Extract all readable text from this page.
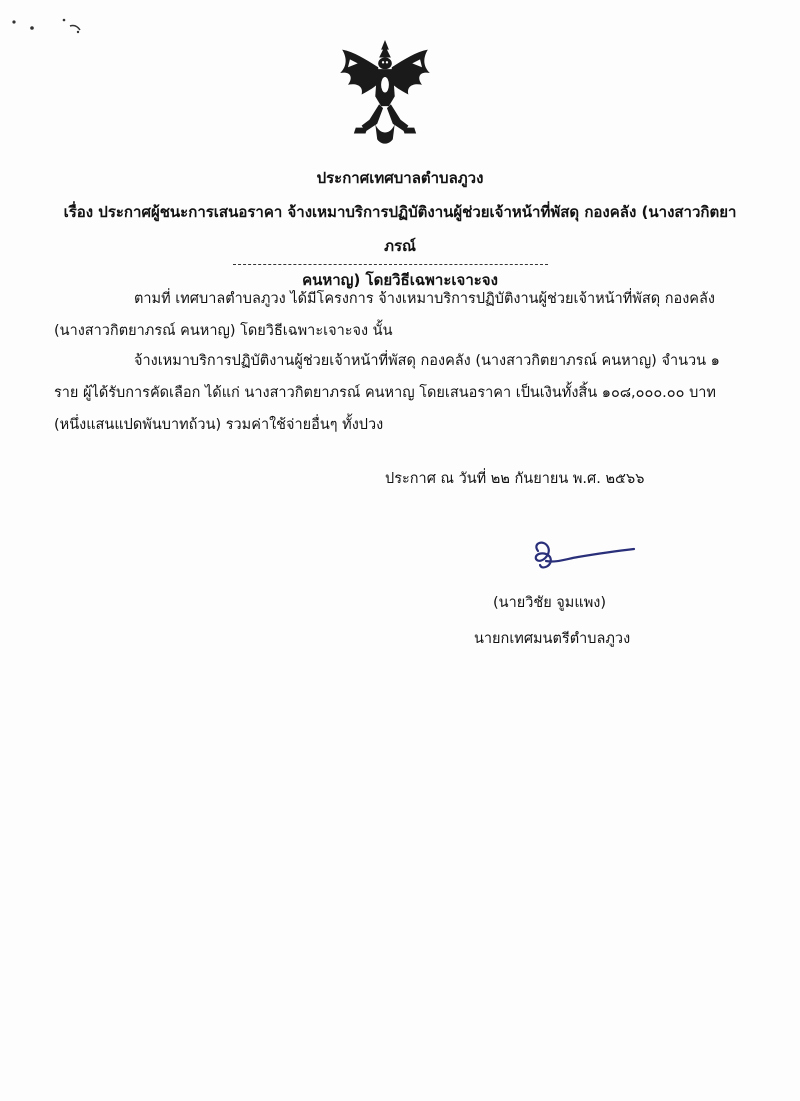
ประกาศเทศบาลตำบลภูวง
เรื่อง ประกาศผู้ชนะการเสนอราคา จ้างเหมาบริการปฏิบัติงานผู้ช่วยเจ้าหน้าที่พัสดุ กองคลัง (นางสาวกิตยาภรณ์
คนหาญ) โดยวิธีเฉพาะเจาะจง
ตามที่ เทศบาลตำบลภูวง ได้มีโครงการ จ้างเหมาบริการปฏิบัติงานผู้ช่วยเจ้าหน้าที่พัสดุ กองคลัง (นางสาวกิตยาภรณ์ คนหาญ) โดยวิธีเฉพาะเจาะจง นั้น
จ้างเหมาบริการปฏิบัติงานผู้ช่วยเจ้าหน้าที่พัสดุ กองคลัง (นางสาวกิตยาภรณ์ คนหาญ) จำนวน ๑ ราย ผู้ได้รับการคัดเลือก ได้แก่ นางสาวกิตยาภรณ์ คนหาญ โดยเสนอราคา เป็นเงินทั้งสิ้น ๑๐๘,๐๐๐.๐๐ บาท (หนึ่งแสนแปดพันบาทถ้วน) รวมค่าใช้จ่ายอื่นๆ ทั้งปวง
ประกาศ ณ วันที่ ๒๒ กันยายน พ.ศ. ๒๕๖๖
(นายวิชัย จูมแพง)
นายกเทศมนตรีตำบลภูวง
